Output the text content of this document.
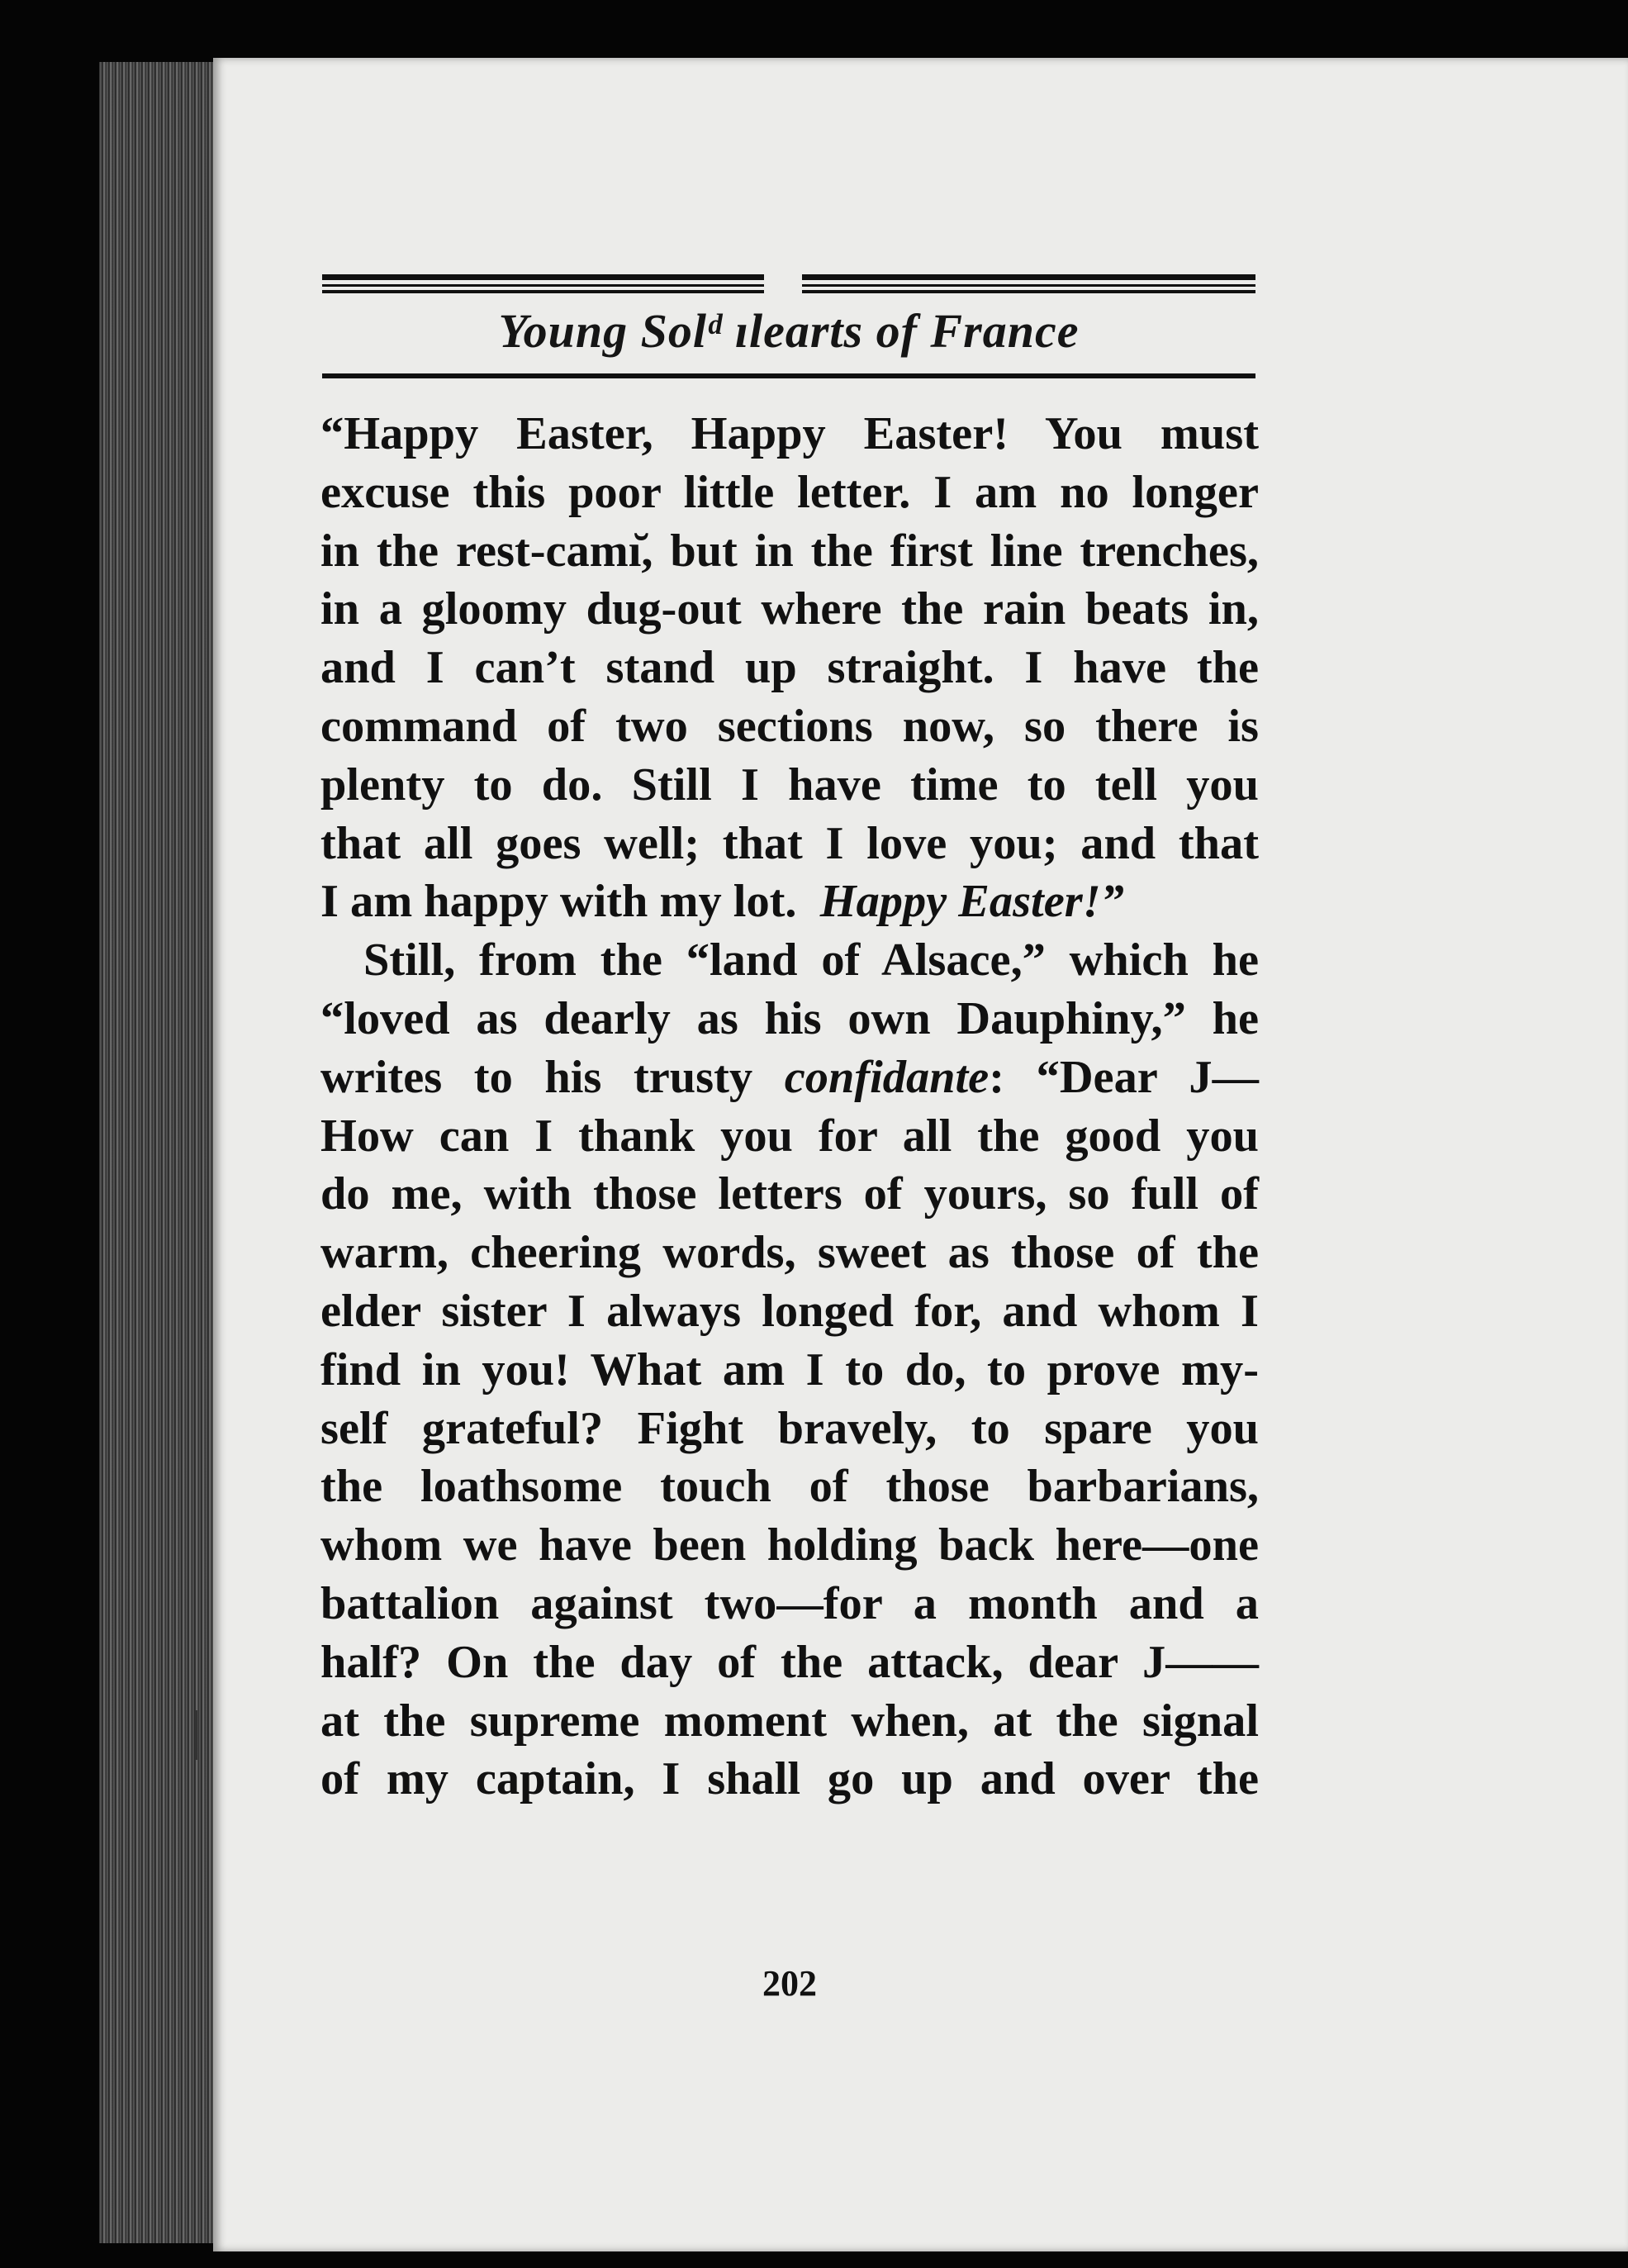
Young Solᵈ ılearts of France
“Happy Easter, Happy Easter! You must
excuse this poor little letter. I am no longer
in the rest-camı̆, but in the first line trenches,
in a gloomy dug-out where the rain beats in,
and I can’t stand up straight. I have the
command of two sections now, so there is
plenty to do. Still I have time to tell you
that all goes well; that I love you; and that
I am happy with my lot. Happy Easter!”
Still, from the “land of Alsace,” which he
“loved as dearly as his own Dauphiny,” he
writes to his trusty confidante: “Dear J—
How can I thank you for all the good you
do me, with those letters of yours, so full of
warm, cheering words, sweet as those of the
elder sister I always longed for, and whom I
find in you! What am I to do, to prove my-
self grateful? Fight bravely, to spare you
the loathsome touch of those barbarians,
whom we have been holding back here—one
battalion against two—for a month and a
half? On the day of the attack, dear J——
at the supreme moment when, at the signal
of my captain, I shall go up and over the
202
